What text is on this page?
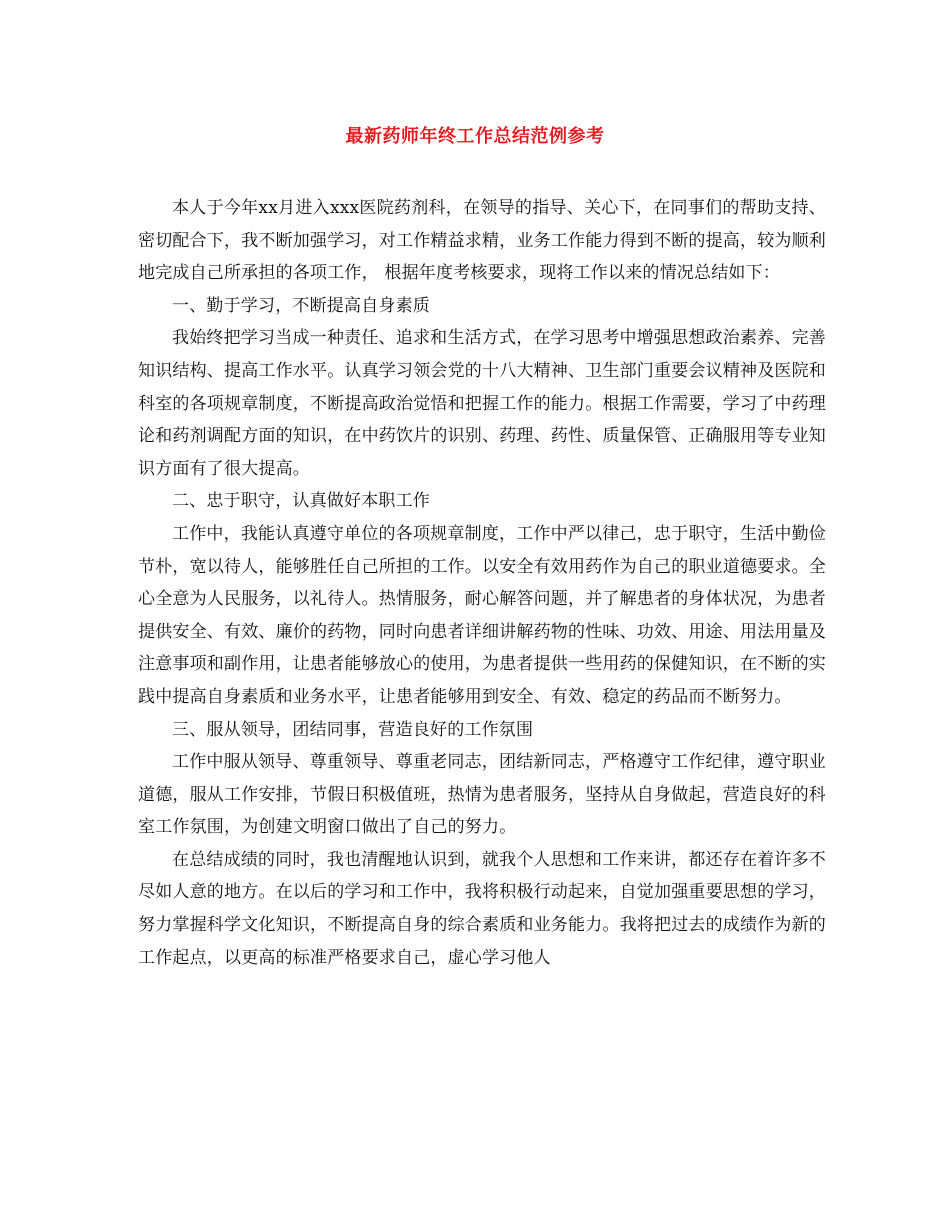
最新药师年终工作总结范例参考

本人于今年xx月进入xxx医院药剂科，在领导的指导、关心下，在同事们的帮助支持、密切配合下，我不断加强学习，对工作精益求精，业务工作能力得到不断的提高，较为顺利地完成自己所承担的各项工作， 根据年度考核要求，现将工作以来的情况总结如下：

一、勤于学习，不断提高自身素质

我始终把学习当成一种责任、追求和生活方式，在学习思考中增强思想政治素养、完善知识结构、提高工作水平。认真学习领会党的十八大精神、卫生部门重要会议精神及医院和科室的各项规章制度，不断提高政治觉悟和把握工作的能力。根据工作需要，学习了中药理论和药剂调配方面的知识，在中药饮片的识别、药理、药性、质量保管、正确服用等专业知识方面有了很大提高。

二、忠于职守，认真做好本职工作

工作中，我能认真遵守单位的各项规章制度，工作中严以律己，忠于职守，生活中勤俭节朴，宽以待人，能够胜任自己所担的工作。以安全有效用药作为自己的职业道德要求。全心全意为人民服务，以礼待人。热情服务，耐心解答问题，并了解患者的身体状况，为患者提供安全、有效、廉价的药物，同时向患者详细讲解药物的性味、功效、用途、用法用量及注意事项和副作用，让患者能够放心的使用，为患者提供一些用药的保健知识，在不断的实践中提高自身素质和业务水平，让患者能够用到安全、有效、稳定的药品而不断努力。

三、服从领导，团结同事，营造良好的工作氛围

工作中服从领导、尊重领导、尊重老同志，团结新同志，严格遵守工作纪律，遵守职业道德，服从工作安排，节假日积极值班，热情为患者服务，坚持从自身做起，营造良好的科室工作氛围，为创建文明窗口做出了自己的努力。

在总结成绩的同时，我也清醒地认识到，就我个人思想和工作来讲，都还存在着许多不尽如人意的地方。在以后的学习和工作中，我将积极行动起来，自觉加强重要思想的学习，努力掌握科学文化知识，不断提高自身的综合素质和业务能力。我将把过去的成绩作为新的工作起点，以更高的标准严格要求自己，虚心学习他人
